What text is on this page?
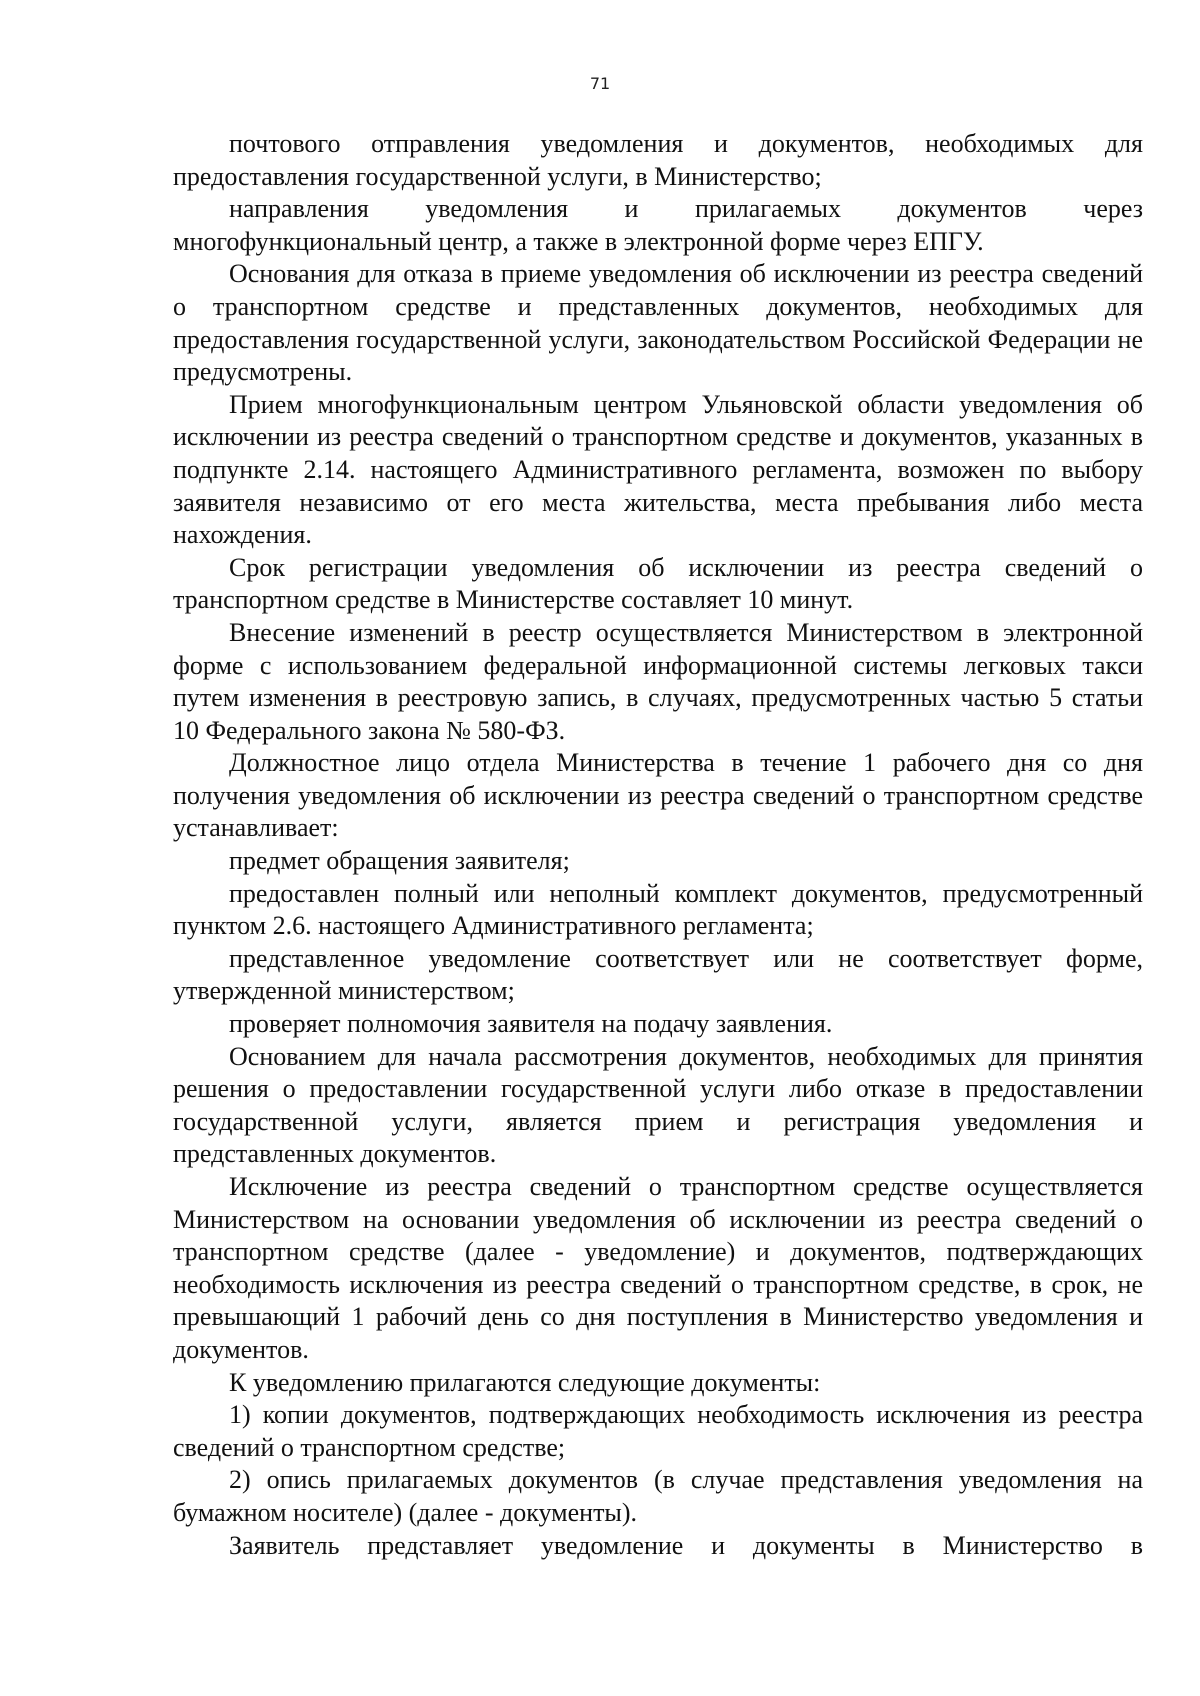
71

почтового отправления уведомления и документов, необходимых для предоставления государственной услуги, в Министерство;

направления уведомления и прилагаемых документов через многофункциональный центр, а также в электронной форме через ЕПГУ.

Основания для отказа в приеме уведомления об исключении из реестра сведений о транспортном средстве и представленных документов, необходимых для предоставления государственной услуги, законодательством Российской Федерации не предусмотрены.

Прием многофункциональным центром Ульяновской области уведомления об исключении из реестра сведений о транспортном средстве и документов, указанных в подпункте 2.14. настоящего Административного регламента, возможен по выбору заявителя независимо от его места жительства, места пребывания либо места нахождения.

Срок регистрации уведомления об исключении из реестра сведений о транспортном средстве в Министерстве составляет 10 минут.

Внесение изменений в реестр осуществляется Министерством в электронной форме с использованием федеральной информационной системы легковых такси путем изменения в реестровую запись, в случаях, предусмотренных частью 5 статьи 10 Федерального закона № 580-ФЗ.

Должностное лицо отдела Министерства в течение 1 рабочего дня со дня получения уведомления об исключении из реестра сведений о транспортном средстве устанавливает:

предмет обращения заявителя;

предоставлен полный или неполный комплект документов, предусмотренный пунктом 2.6. настоящего Административного регламента;

представленное уведомление соответствует или не соответствует форме, утвержденной министерством;

проверяет полномочия заявителя на подачу заявления.

Основанием для начала рассмотрения документов, необходимых для принятия решения о предоставлении государственной услуги либо отказе в предоставлении государственной услуги, является прием и регистрация уведомления и представленных документов.

Исключение из реестра сведений о транспортном средстве осуществляется Министерством на основании уведомления об исключении из реестра сведений о транспортном средстве (далее - уведомление) и документов, подтверждающих необходимость исключения из реестра сведений о транспортном средстве, в срок, не превышающий 1 рабочий день со дня поступления в Министерство уведомления и документов.

К уведомлению прилагаются следующие документы:

1) копии документов, подтверждающих необходимость исключения из реестра сведений о транспортном средстве;

2) опись прилагаемых документов (в случае представления уведомления на бумажном носителе) (далее - документы).

Заявитель представляет уведомление и документы в Министерство в
